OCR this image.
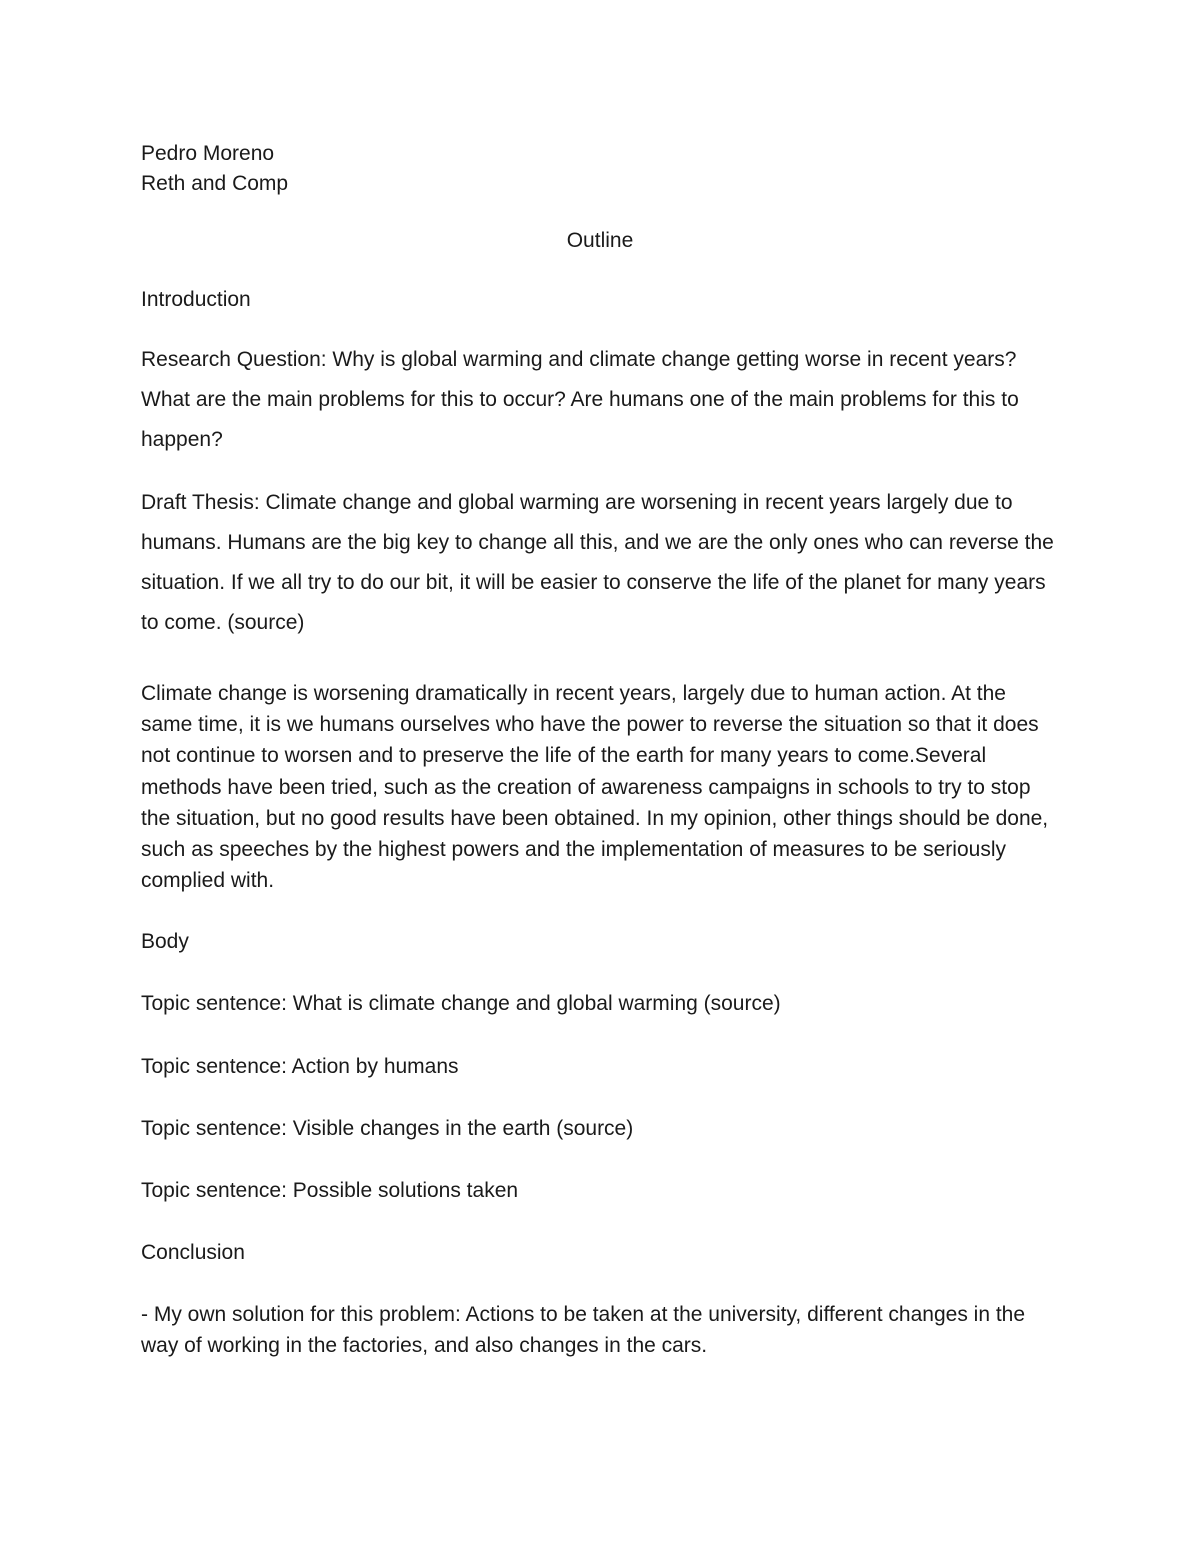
Pedro Moreno

Reth and Comp

Outline

Introduction

Research Question: Why is global warming and climate change getting worse in recent years? What are the main problems for this to occur? Are humans one of the main problems for this to happen?

Draft Thesis: Climate change and global warming are worsening in recent years largely due to humans. Humans are the big key to change all this, and we are the only ones who can reverse the situation. If we all try to do our bit, it will be easier to conserve the life of the planet for many years to come. (source)

Climate change is worsening dramatically in recent years, largely due to human action. At the same time, it is we humans ourselves who have the power to reverse the situation so that it does not continue to worsen and to preserve the life of the earth for many years to come.Several methods have been tried, such as the creation of awareness campaigns in schools to try to stop the situation, but no good results have been obtained. In my opinion, other things should be done, such as speeches by the highest powers and the implementation of measures to be seriously complied with.

Body

Topic sentence: What is climate change and global warming (source)

Topic sentence: Action by humans

Topic sentence: Visible changes in the earth (source)

Topic sentence: Possible solutions taken

Conclusion

- My own solution for this problem: Actions to be taken at the university, different changes in the way of working in the factories, and also changes in the cars.
